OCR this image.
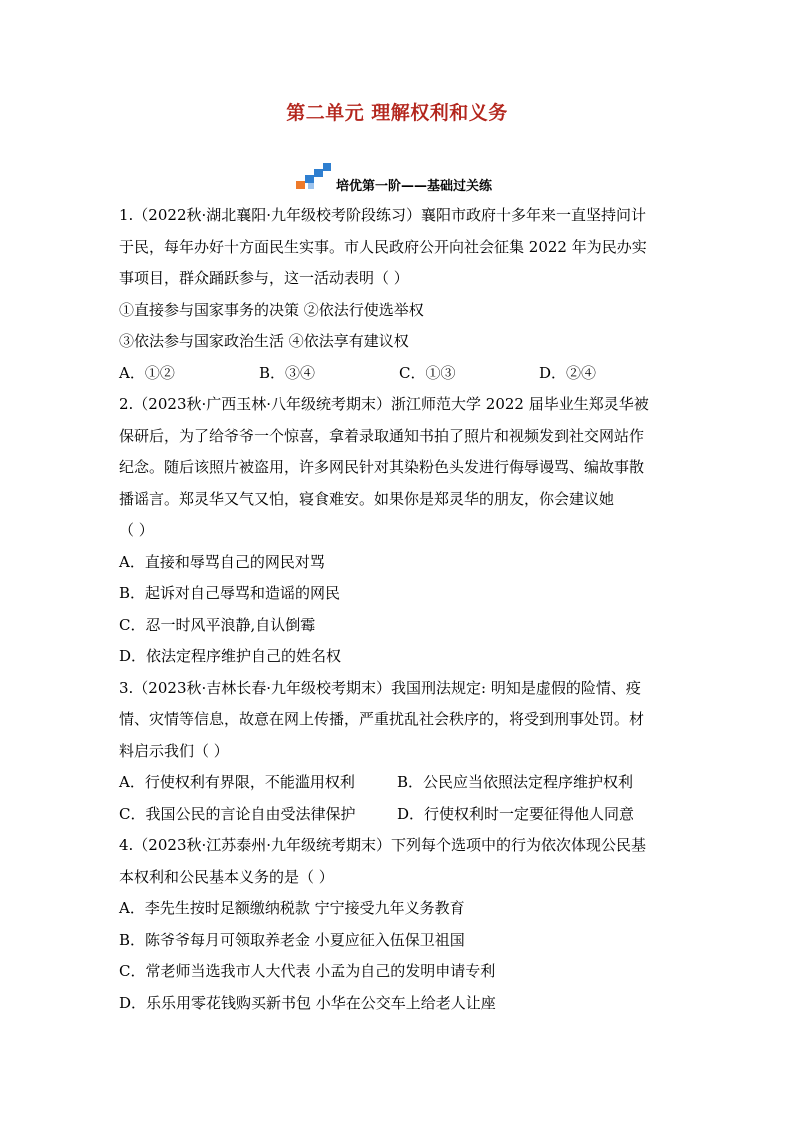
第二单元 理解权利和义务
培优第一阶——基础过关练
1.（2022秋·湖北襄阳·九年级校考阶段练习）襄阳市政府十多年来一直坚持问计
于民，每年办好十方面民生实事。市人民政府公开向社会征集 2022 年为民办实
事项目，群众踊跃参与，这一活动表明（ ）
①直接参与国家事务的决策 ②依法行使选举权
③依法参与国家政治生活 ④依法享有建议权
A．①②	B．③④	C．①③	D．②④
2.（2023秋·广西玉林·八年级统考期末）浙江师范大学 2022 届毕业生郑灵华被
保研后，为了给爷爷一个惊喜，拿着录取通知书拍了照片和视频发到社交网站作
纪念。随后该照片被盗用，许多网民针对其染粉色头发进行侮辱谩骂、编故事散
播谣言。郑灵华又气又怕，寝食难安。如果你是郑灵华的朋友，你会建议她
（ ）
A．直接和辱骂自己的网民对骂
B．起诉对自己辱骂和造谣的网民
C．忍一时风平浪静,自认倒霉
D．依法定程序维护自己的姓名权
3.（2023秋·吉林长春·九年级校考期末）我国刑法规定: 明知是虚假的险情、疫
情、灾情等信息，故意在网上传播，严重扰乱社会秩序的，将受到刑事处罚。材
料启示我们（ ）
A．行使权利有界限，不能滥用权利	B．公民应当依照法定程序维护权利
C．我国公民的言论自由受法律保护	D．行使权利时一定要征得他人同意
4.（2023秋·江苏泰州·九年级统考期末）下列每个选项中的行为依次体现公民基
本权利和公民基本义务的是（ ）
A．李先生按时足额缴纳税款 宁宁接受九年义务教育
B．陈爷爷每月可领取养老金 小夏应征入伍保卫祖国
C．常老师当选我市人大代表 小孟为自己的发明申请专利
D．乐乐用零花钱购买新书包 小华在公交车上给老人让座
